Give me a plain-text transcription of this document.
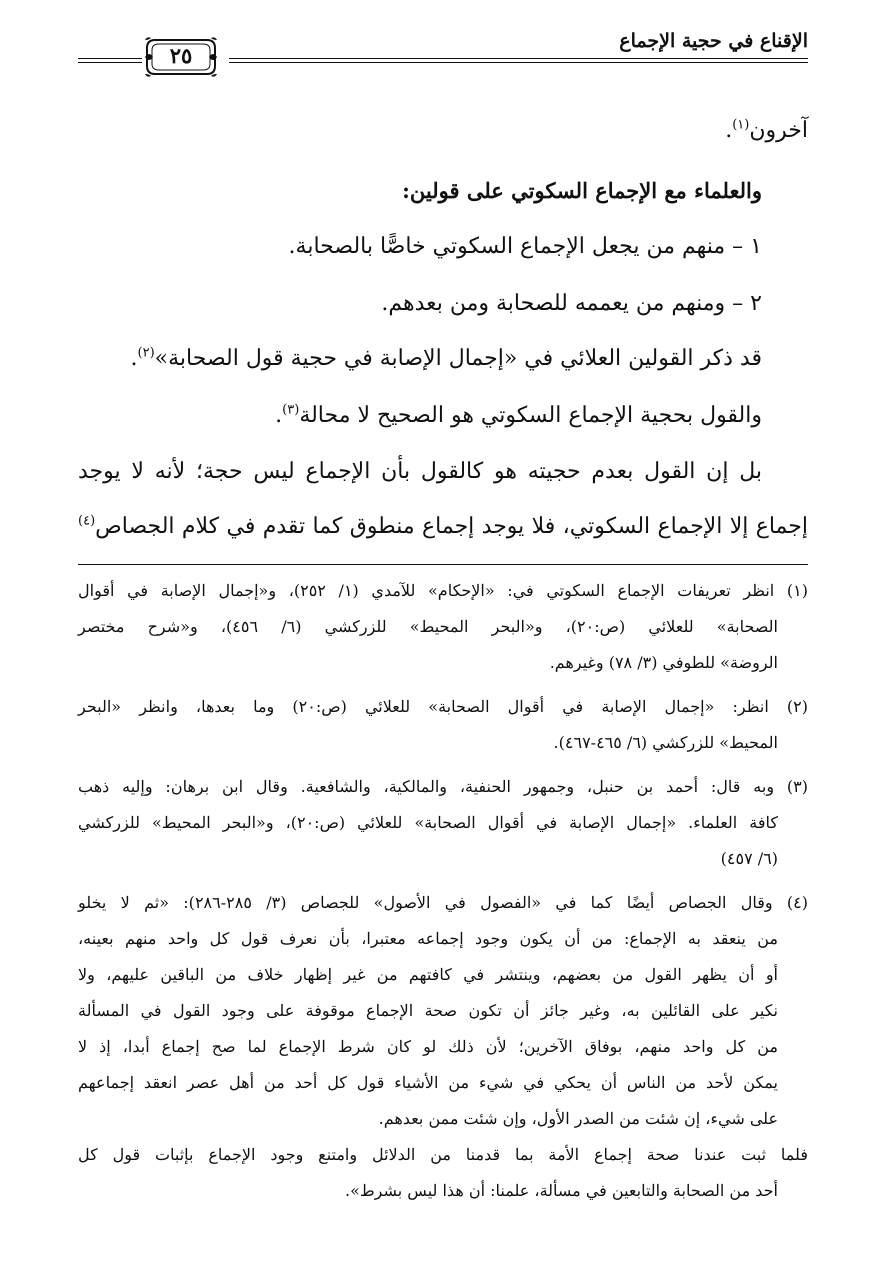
الإقناع في حجية الإجماع
٢٥
آخرون$^{(١)}$.
والعلماء مع الإجماع السكوتي على قولين:
١ – منهم من يجعل الإجماع السكوتي خاصًّا بالصحابة.
٢ – ومنهم من يعممه للصحابة ومن بعدهم.
قد ذكر القولين العلائي في «إجمال الإصابة في حجية قول الصحابة»$^{(٢)}$.
والقول بحجية الإجماع السكوتي هو الصحيح لا محالة$^{(٣)}$.
بل إن القول بعدم حجيته هو كالقول بأن الإجماع ليس حجة؛ لأنه لا يوجد
إجماع إلا الإجماع السكوتي، فلا يوجد إجماع منطوق كما تقدم في كلام الجصاص$^{(٤)}$
(١) انظر تعريفات الإجماع السكوتي في: «الإحكام» للآمدي (١/ ٢٥٢)، و«إجمال الإصابة في أقوال
الصحابة» للعلائي (ص:٢٠)، و«البحر المحيط» للزركشي (٦/ ٤٥٦)، و«شرح مختصر
الروضة» للطوفي (٣/ ٧٨) وغيرهم.
(٢) انظر: «إجمال الإصابة في أقوال الصحابة» للعلائي (ص:٢٠) وما بعدها، وانظر «البحر
المحيط» للزركشي (٦/ ٤٦٥-٤٦٧).
(٣) وبه قال: أحمد بن حنبل، وجمهور الحنفية، والمالكية، والشافعية. وقال ابن برهان: وإليه ذهب
كافة العلماء. «إجمال الإصابة في أقوال الصحابة» للعلائي (ص:٢٠)، و«البحر المحيط» للزركشي
(٦/ ٤٥٧)
(٤) وقال الجصاص أيضًا كما في «الفصول في الأصول» للجصاص (٣/ ٢٨٥-٢٨٦): «ثم لا يخلو
من ينعقد به الإجماع: من أن يكون وجود إجماعه معتبرا، بأن نعرف قول كل واحد منهم بعينه،
أو أن يظهر القول من بعضهم، وينتشر في كافتهم من غير إظهار خلاف من الباقين عليهم، ولا
نكير على القائلين به، وغير جائز أن تكون صحة الإجماع موقوفة على وجود القول في المسألة
من كل واحد منهم، بوفاق الآخرين؛ لأن ذلك لو كان شرط الإجماع لما صح إجماع أبدا، إذ لا
يمكن لأحد من الناس أن يحكي في شيء من الأشياء قول كل أحد من أهل عصر انعقد إجماعهم
على شيء، إن شئت من الصدر الأول، وإن شئت ممن بعدهم.
فلما ثبت عندنا صحة إجماع الأمة بما قدمنا من الدلائل وامتنع وجود الإجماع بإثبات قول كل
أحد من الصحابة والتابعين في مسألة، علمنا: أن هذا ليس بشرط».
